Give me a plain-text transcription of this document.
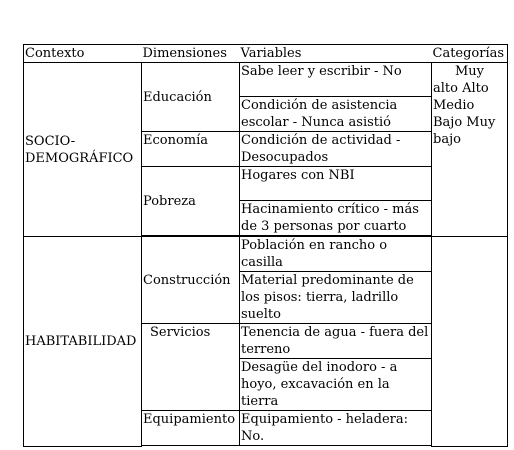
Contexto	Dimensiones	Variables	Categorías
SOCIO-DEMOGRÁFICO	Educación	Sabe leer y escribir - No	Muy alto Alto Medio Bajo Muy bajo

		Condición de asistencia escolar - Nunca asistió	
	Economía	Condición de actividad - Desocupados	
	Pobreza	Hogares con NBI	
		Hacinamiento crítico - más de 3 personas por cuarto	

HABITABILIDAD	Construcción	Población en rancho o casilla	
		Material predominante de los pisos: tierra, ladrillo suelto	
	Servicios	Tenencia de agua - fuera del terreno	
		Desagüe del inodoro - a hoyo, excavación en la tierra	
	Equipamiento	Equipamiento - heladera: No.	
